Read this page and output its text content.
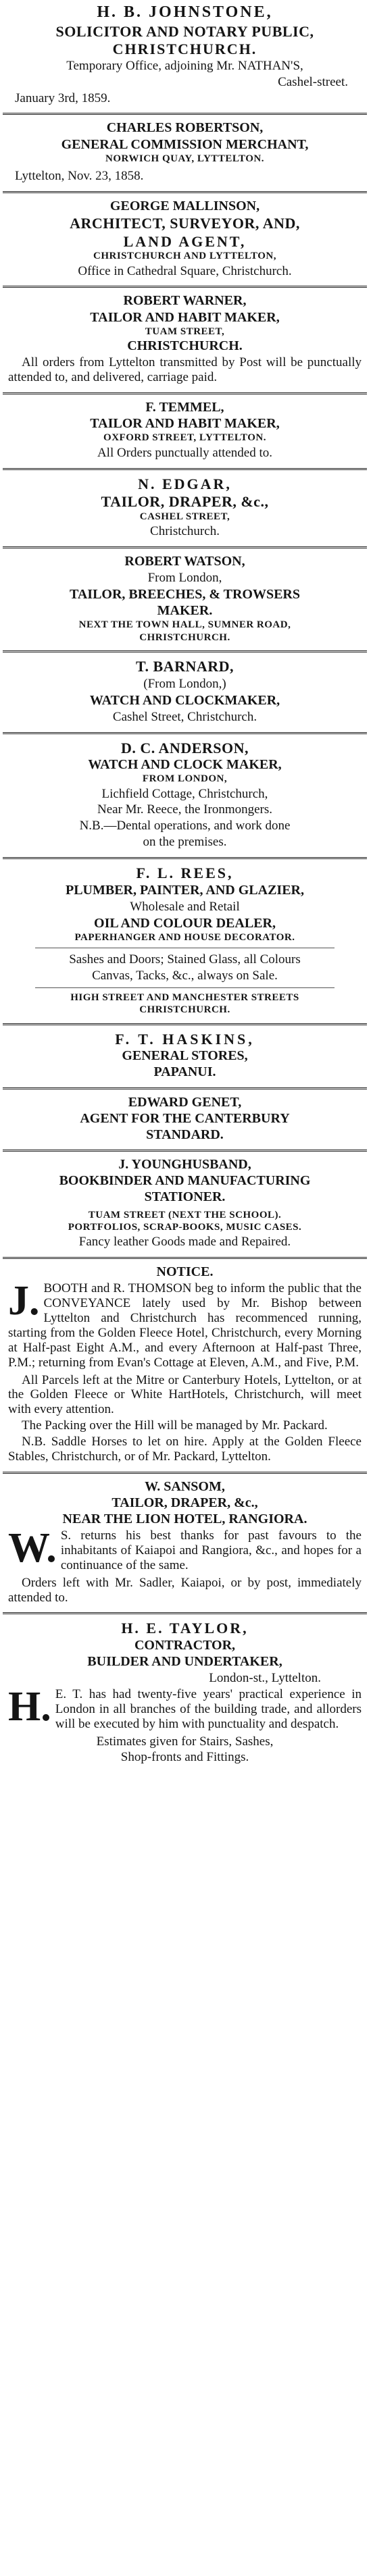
H. B. JOHNSTONE,
SOLICITOR AND NOTARY PUBLIC,
CHRISTCHURCH.
Temporary Office, adjoining Mr. NATHAN'S,
Cashel-street.
January 3rd, 1859.
CHARLES ROBERTSON,
GENERAL COMMISSION MERCHANT,
NORWICH QUAY, LYTTELTON.
Lyttelton, Nov. 23, 1858.
GEORGE MALLINSON,
ARCHITECT, SURVEYOR, AND,
LAND AGENT,
CHRISTCHURCH AND LYTTELTON,
Office in Cathedral Square, Christchurch.
ROBERT WARNER,
TAILOR AND HABIT MAKER,
TUAM STREET,
CHRISTCHURCH.
All orders from Lyttelton transmitted by Post will be punctually attended to, and delivered, carriage paid.
F. TEMMEL,
TAILOR AND HABIT MAKER,
OXFORD STREET, LYTTELTON.
All Orders punctually attended to.
N. EDGAR,
TAILOR, DRAPER, &c.,
CASHEL STREET,
Christchurch.
ROBERT WATSON,
From London,
TAILOR, BREECHES, & TROWSERS
MAKER.
NEXT THE TOWN HALL, SUMNER ROAD,
CHRISTCHURCH.
T. BARNARD,
(From London,)
WATCH AND CLOCKMAKER,
Cashel Street, Christchurch.
D. C. ANDERSON,
WATCH AND CLOCK MAKER,
FROM LONDON,
Lichfield Cottage, Christchurch,
Near Mr. Reece, the Ironmongers.
N.B.—Dental operations, and work done
on the premises.
F. L. REES,
PLUMBER, PAINTER, AND GLAZIER,
Wholesale and Retail
OIL AND COLOUR DEALER,
PAPERHANGER AND HOUSE DECORATOR.
Sashes and Doors; Stained Glass, all Colours
Canvas, Tacks, &c., always on Sale.
HIGH STREET AND MANCHESTER STREETS
CHRISTCHURCH.
F. T. HASKINS,
GENERAL STORES,
PAPANUI.
EDWARD GENET,
AGENT FOR THE CANTERBURY
STANDARD.
J. YOUNGHUSBAND,
BOOKBINDER AND MANUFACTURING
STATIONER.
TUAM STREET (NEXT THE SCHOOL).
PORTFOLIOS, SCRAP-BOOKS, MUSIC CASES.
Fancy leather Goods made and Repaired.
NOTICE.
J. BOOTH and R. THOMSON beg to inform the public that the CONVEYANCE lately used by Mr. Bishop between Lyttelton and Christchurch has recommenced running, starting from the Golden Fleece Hotel, Christchurch, every Morning at Half-past Eight A.M., and every Afternoon at Half-past Three, P.M.; returning from Evan's Cottage at Eleven, A.M., and Five, P.M.
All Parcels left at the Mitre or Canterbury Hotels, Lyttelton, or at the Golden Fleece or White HartHotels, Christchurch, will meet with every attention.
The Packing over the Hill will be managed by Mr. Packard.
N.B. Saddle Horses to let on hire. Apply at the Golden Fleece Stables, Christchurch, or of Mr. Packard, Lyttelton.
W. SANSOM,
TAILOR, DRAPER, &c.,
NEAR THE LION HOTEL, RANGIORA.
W. S. returns his best thanks for past favours to the inhabitants of Kaiapoi and Rangiora, &c., and hopes for a continuance of the same.
Orders left with Mr. Sadler, Kaiapoi, or by post, immediately attended to.
H. E. TAYLOR,
CONTRACTOR,
BUILDER AND UNDERTAKER,
London-st., Lyttelton.
H. E. T. has had twenty-five years' practical experience in London in all branches of the building trade, and allorders will be executed by him with punctuality and despatch.
Estimates given for Stairs, Sashes,
Shop-fronts and Fittings.
